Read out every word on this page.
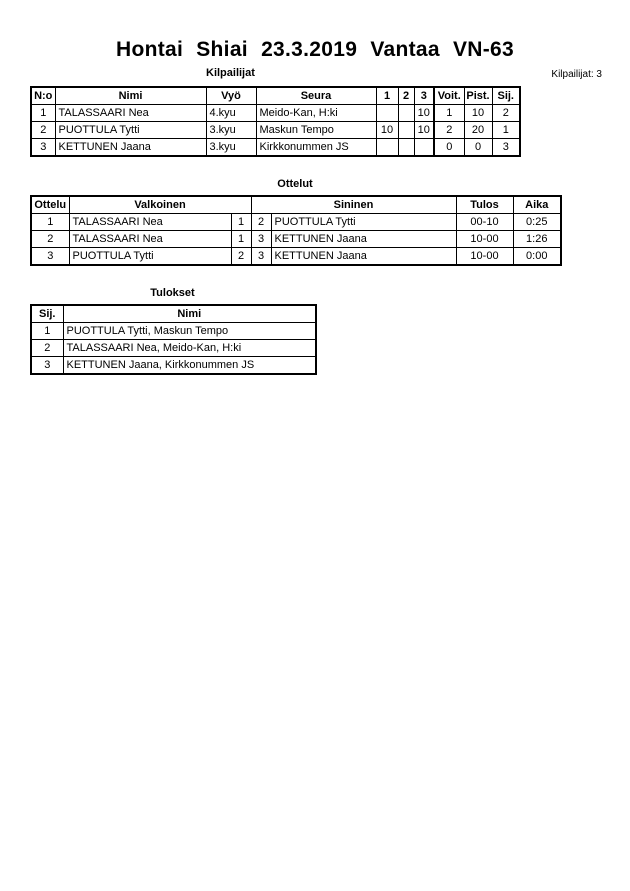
Hontai Shiai 23.3.2019 Vantaa VN-63
Kilpailijat	Kilpailijat: 3
N:o	Nimi	Vyö	Seura	1	2	3	Voit.	Pist.	Sij.
1	TALASSAARI Nea	4.kyu	Meido-Kan, H:ki			10	1	10	2
2	PUOTTULA Tytti	3.kyu	Maskun Tempo	10		10	2	20	1
3	KETTUNEN Jaana	3.kyu	Kirkkonummen JS				0	0	3
Ottelut
Ottelu	Valkoinen		Sininen		Tulos	Aika
1	TALASSAARI Nea	1	2	PUOTTULA Tytti	00-10	0:25
2	TALASSAARI Nea	1	3	KETTUNEN Jaana	10-00	1:26
3	PUOTTULA Tytti	2	3	KETTUNEN Jaana	10-00	0:00
Tulokset
Sij.	Nimi
1	PUOTTULA Tytti, Maskun Tempo
2	TALASSAARI Nea, Meido-Kan, H:ki
3	KETTUNEN Jaana, Kirkkonummen JS
